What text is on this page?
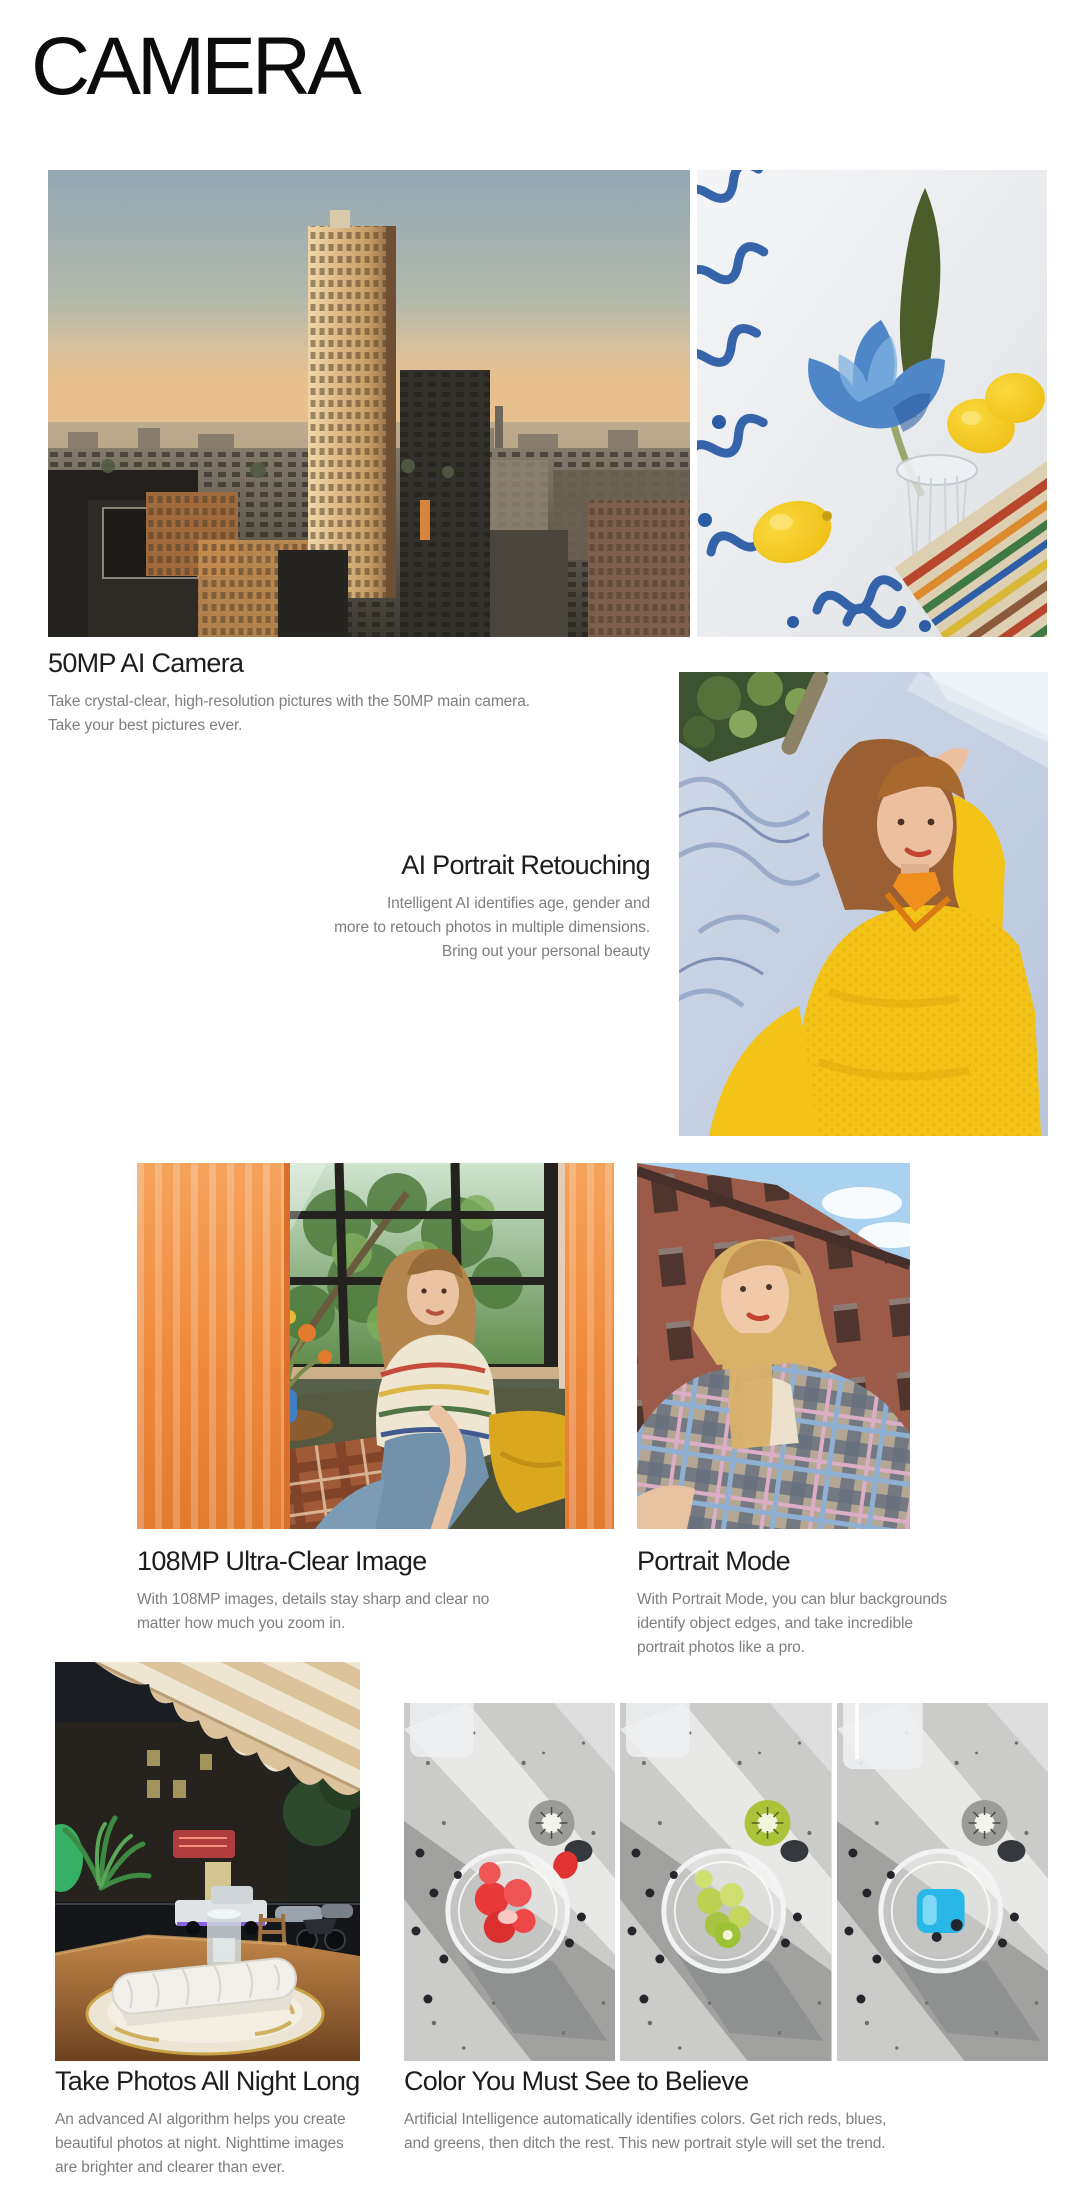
CAMERA
50MP AI Camera
Take crystal-clear, high-resolution pictures with the 50MP main camera.
Take your best pictures ever.
AI Portrait Retouching
Intelligent AI identifies age, gender and
more to retouch photos in multiple dimensions.
Bring out your personal beauty
108MP Ultra-Clear Image
With 108MP images, details stay sharp and clear no
matter how much you zoom in.
Portrait Mode
With Portrait Mode, you can blur backgrounds
identify object edges, and take incredible
portrait photos like a pro.
Take Photos All Night Long
An advanced AI algorithm helps you create
beautiful photos at night. Nighttime images
are brighter and clearer than ever.
Color You Must See to Believe
Artificial Intelligence automatically identifies colors. Get rich reds, blues,
and greens, then ditch the rest. This new portrait style will set the trend.
